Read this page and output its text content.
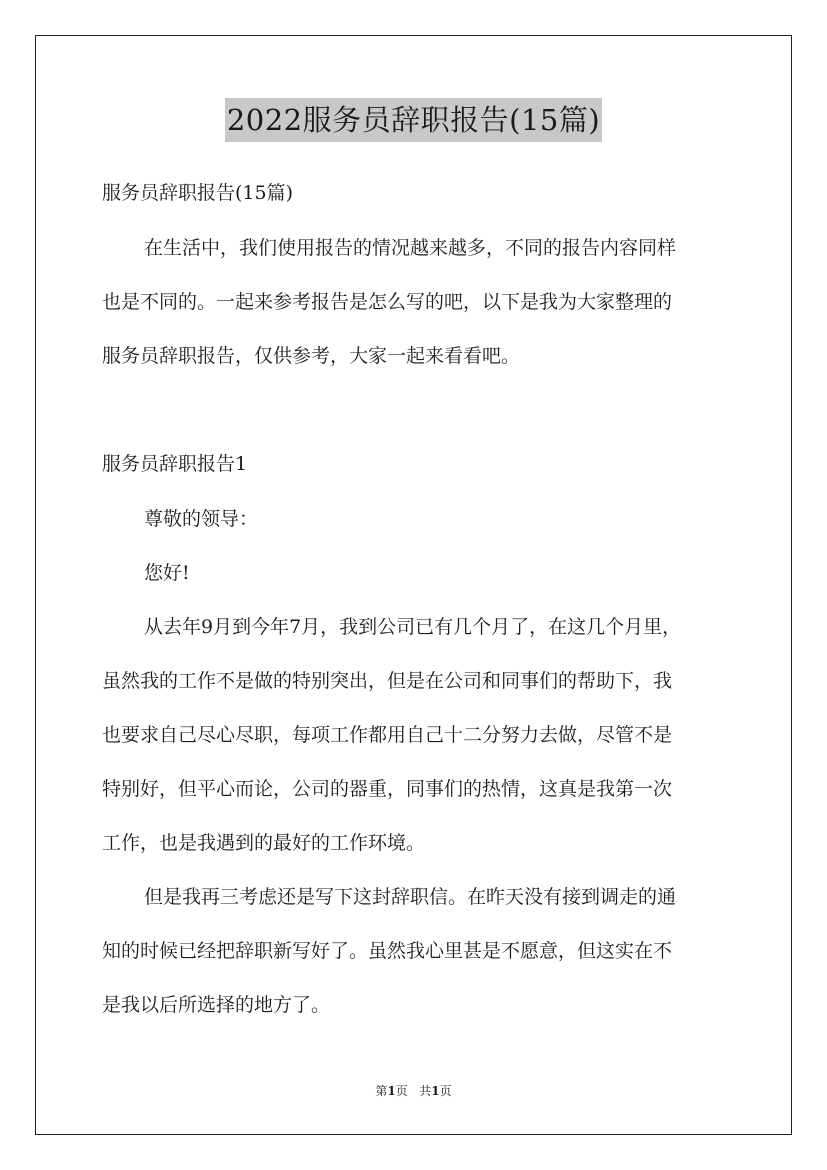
2022服务员辞职报告(15篇)
服务员辞职报告(15篇)
在生活中，我们使用报告的情况越来越多，不同的报告内容同样
也是不同的。一起来参考报告是怎么写的吧，以下是我为大家整理的
服务员辞职报告，仅供参考，大家一起来看看吧。
服务员辞职报告1
尊敬的领导：
您好!
从去年9月到今年7月，我到公司已有几个月了，在这几个月里，
虽然我的工作不是做的特别突出，但是在公司和同事们的帮助下，我
也要求自己尽心尽职，每项工作都用自己十二分努力去做，尽管不是
特别好，但平心而论，公司的器重，同事们的热情，这真是我第一次
工作，也是我遇到的最好的工作环境。
但是我再三考虑还是写下这封辞职信。在昨天没有接到调走的通
知的时候已经把辞职新写好了。虽然我心里甚是不愿意，但这实在不
是我以后所选择的地方了。
第1页 共1页
